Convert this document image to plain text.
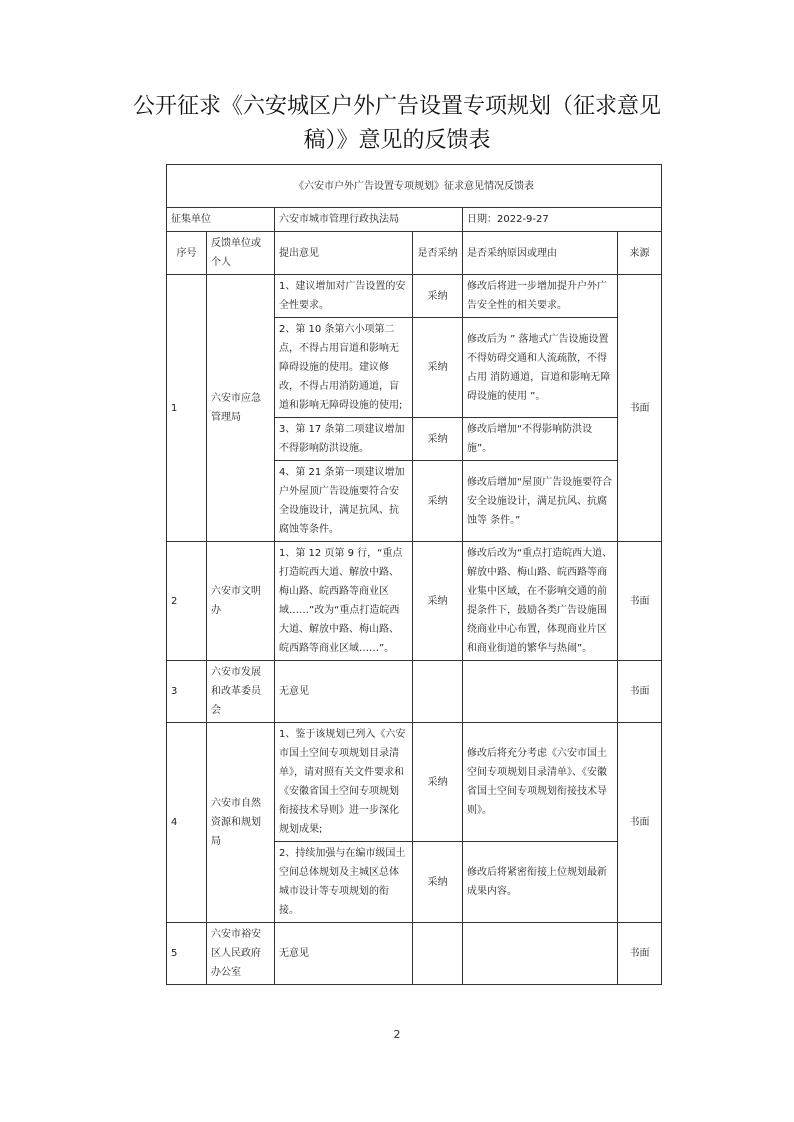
公开征求《六安城区户外广告设置专项规划（征求意见
稿）》意见的反馈表
《六安市户外广告设置专项规划》征求意见情况反馈表					
征集单位		六安市城市管理行政执法局		日期：2022-9-27	
序号	反馈单位或个人	提出意见	是否采纳	是否采纳原因或理由	来源
1	六安市应急管理局	1、建议增加对广告设置的安全性要求。	采纳	修改后将进一步增加提升户外广告安全性的相关要求。	书面
		2、第 10 条第六小项第二点，不得占用盲道和影响无障碍设施的使用。建议修改，不得占用消防通道，盲道和影响无障碍设施的使用;	采纳	修改后为 ” 落地式广告设施设置不得妨碍交通和人流疏散，不得占用 消防通道，盲道和影响无障碍设施的使用 ”。	
		3、第 17 条第二项建议增加不得影响防洪设施。	采纳	修改后增加“不得影响防洪设施”。	
		4、第 21 条第一项建议增加户外屋顶广告设施要符合安全设施设计，满足抗风、抗腐蚀等条件。	采纳	修改后增加“屋顶广告设施要符合安全设施设计，满足抗风、抗腐蚀等 条件。”	
2	六安市文明办	1、第 12 页第 9 行，“重点打造皖西大道、解放中路、梅山路、皖西路等商业区域……”改为“重点打造皖西大道、解放中路、梅山路、皖西路等商业区域……”。	采纳	修改后改为“重点打造皖西大道、解放中路、梅山路、皖西路等商业集中区域，在不影响交通的前提条件下，鼓励各类广告设施围绕商业中心布置，体现商业片区和商业街道的繁华与热闹”。	书面
3	六安市发展和改革委员会	无意见			书面
4	六安市自然资源和规划局	1、鉴于该规划已列入《六安市国土空间专项规划目录清单》，请对照有关文件要求和《安徽省国土空间专项规划衔接技术导则》进一步深化规划成果;	采纳	修改后将充分考虑《六安市国土空间专项规划目录清单》、《安徽省国土空间专项规划衔接技术导则》。	书面
		2、持续加强与在编市级国土空间总体规划及主城区总体城市设计等专项规划的衔接。	采纳	修改后将紧密衔接上位规划最新成果内容。	
5	六安市裕安区人民政府办公室	无意见			书面
2
